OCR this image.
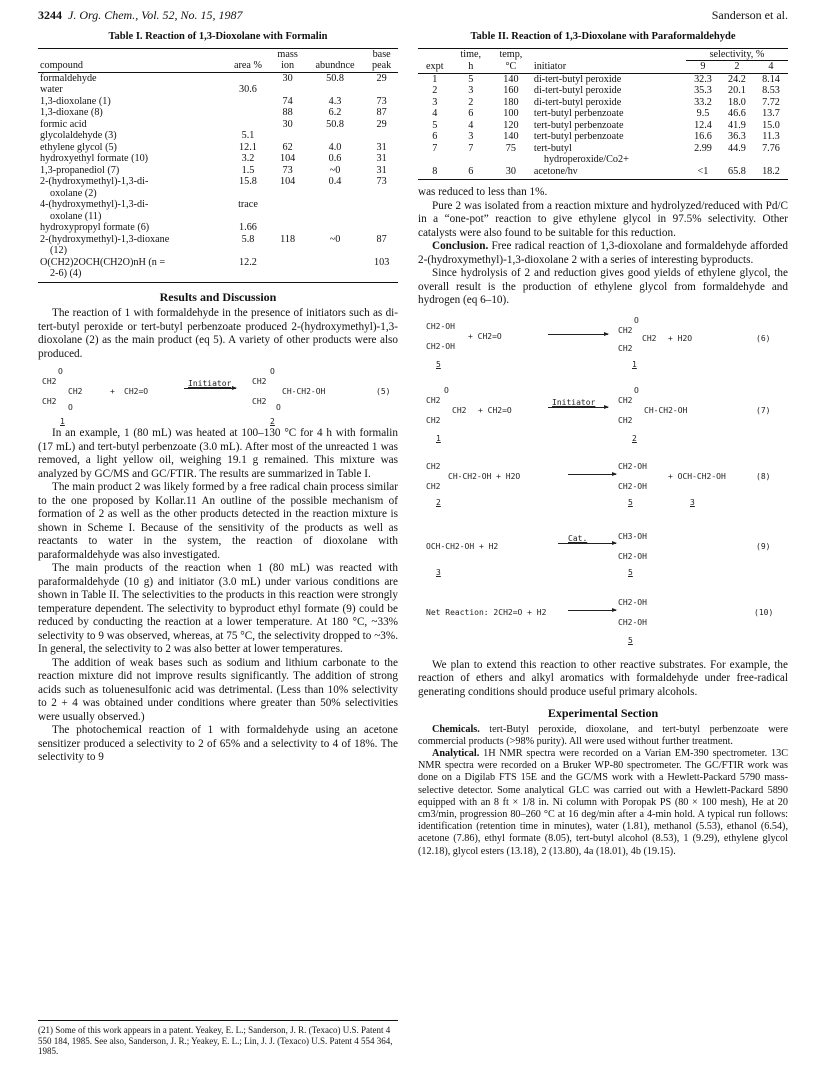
3244 J. Org. Chem., Vol. 52, No. 15, 1987	Sanderson et al.
Table I. Reaction of 1,3-Dioxolane with Formalin
		mass		base
compound	area %	ion	abundnce	peak
formaldehyde		30	50.8	29
water	30.6			
1,3-dioxolane (1)		74	4.3	73
1,3-dioxane (8)		88	6.2	87
formic acid		30	50.8	29
glycolaldehyde (3)	5.1			
ethylene glycol (5)	12.1	62	4.0	31
hydroxyethyl formate (10)	3.2	104	0.6	31
1,3-propanediol (7)	1.5	73	~0	31
2-(hydroxymethyl)-1,3-di-	15.8	104	0.4	73
oxolane (2)				
4-(hydroxymethyl)-1,3-di-	trace			
oxolane (11)				
hydroxypropyl formate (6)	1.66			
2-(hydroxymethyl)-1,3-dioxane	5.8	118	~0	87
(12)				
O(CH2)2OCH(CH2O)nH (n =	12.2			103
2-6) (4)				
Results and Discussion

The reaction of 1 with formaldehyde in the presence of initiators such as di-tert-butyl peroxide or tert-butyl perbenzoate produced 2-(hydroxymethyl)-1,3-dioxolane (2) as the main product (eq 5). A variety of other products were also produced.

O
CH2
CH2
CH2
O
+ CH2=O
Initiator
O
CH2
CH-CH2-OH
CH2
O
(5)
1	2

In an example, 1 (80 mL) was heated at 100–130 °C for 4 h with formalin (17 mL) and tert-butyl perbenzoate (3.0 mL). After most of the unreacted 1 was removed, a light yellow oil, weighing 19.1 g remained. This mixture was analyzed by GC/MS and GC/FTIR. The results are summarized in Table I.

The main product 2 was likely formed by a free radical chain process similar to the one proposed by Kollar.11 An outline of the possible mechanism of formation of 2 as well as the other products detected in the reaction mixture is shown in Scheme I. Because of the sensitivity of the products as well as reactants to water in the system, the reaction of dioxolane with paraformaldehyde was also investigated.

The main products of the reaction when 1 (80 mL) was reacted with paraformaldehyde (10 g) and initiator (3.0 mL) under various conditions are shown in Table II. The selectivities to the products in this reaction were strongly temperature dependent. The selectivity to byproduct ethyl formate (9) could be reduced by conducting the reaction at a lower temperature. At 180 °C, ~33% selectivity to 9 was observed, whereas, at 75 °C, the selectivity dropped to ~3%. In general, the selectivity to 2 was also better at lower temperatures.

The addition of weak bases such as sodium and lithium carbonate to the reaction mixture did not improve results significantly. The addition of strong acids such as toluenesulfonic acid was detrimental. (Less than 10% selectivity to 2 + 4 was obtained under conditions where greater than 50% selectivities were usually observed.)

The photochemical reaction of 1 with formaldehyde using an acetone sensitizer produced a selectivity to 2 of 65% and a selectivity to 4 of 18%. The selectivity to 9

(21) Some of this work appears in a patent. Yeakey, E. L.; Sanderson, J. R. (Texaco) U.S. Patent 4 550 184, 1985. See also, Sanderson, J. R.; Yeakey, E. L.; Lin, J. J. (Texaco) U.S. Patent 4 554 364, 1985.
Table II. Reaction of 1,3-Dioxolane with Paraformaldehyde
	time,	temp,		selectivity, %		
expt	h	°C	initiator	9	2	4
1	5	140	di-tert-butyl peroxide	32.3	24.2	8.14
2	3	160	di-tert-butyl peroxide	35.3	20.1	8.53
3	2	180	di-tert-butyl peroxide	33.2	18.0	7.72
4	6	100	tert-butyl perbenzoate	9.5	46.6	13.7
5	4	120	tert-butyl perbenzoate	12.4	41.9	15.0
6	3	140	tert-butyl perbenzoate	16.6	36.3	11.3
7	7	75	tert-butyl	2.99	44.9	7.76
			hydroperoxide/Co2+			
8	6	30	acetone/hν	<1	65.8	18.2

was reduced to less than 1%.

Pure 2 was isolated from a reaction mixture and hydrolyzed/reduced with Pd/C in a “one-pot” reaction to give ethylene glycol in 97.5% selectivity. Other catalysts were also found to be suitable for this reduction.

Conclusion. Free radical reaction of 1,3-dioxolane and formaldehyde afforded 2-(hydroxymethyl)-1,3-dioxolane 2 with a series of interesting byproducts.

Since hydrolysis of 2 and reduction gives good yields of ethylene glycol, the overall result is the production of ethylene glycol from formaldehyde and hydrogen (eq 6–10).

CH2-OH
CH2-OH
+ CH2=O
O
CH2
CH2
CH2
+ H2O	(6)
5	1
O
CH2
CH2
CH2
+ CH2=O
Initiator
O
CH2
CH-CH2-OH
CH2
(7)
1	2
CH2
CH-CH2-OH + H2O
CH2
CH2-OH
CH2-OH
+ OCH-CH2-OH	(8)
2	5	3
OCH-CH2-OH + H2
Cat.	CH3-OH
CH2-OH
(9)
3	5
Net Reaction: 2CH2=O + H2
CH2-OH
CH2-OH
(10)
5

We plan to extend this reaction to other reactive substrates. For example, the reaction of ethers and alkyl aromatics with formaldehyde under free-radical generating conditions should produce useful primary alcohols.

Experimental Section

Chemicals. tert-Butyl peroxide, dioxolane, and tert-butyl perbenzoate were commercial products (>98% purity). All were used without further treatment.

Analytical. 1H NMR spectra were recorded on a Varian EM-390 spectrometer. 13C NMR spectra were recorded on a Bruker WP-80 spectrometer. The GC/FTIR work was done on a Digilab FTS 15E and the GC/MS work with a Hewlett-Packard 5790 mass-selective detector. Some analytical GLC was carried out with a Hewlett-Packard 5890 equipped with an 8 ft × 1/8 in. Ni column with Poropak PS (80 × 100 mesh), He at 20 cm3/min, progression 80–260 °C at 16 deg/min after a 4-min hold. A typical run follows: identification (retention time in minutes), water (1.81), methanol (5.53), ethanol (6.54), acetone (7.86), ethyl formate (8.05), tert-butyl alcohol (8.53), 1 (9.29), ethylene glycol (12.18), glycol esters (13.18), 2 (13.80), 4a (18.01), 4b (19.15).
